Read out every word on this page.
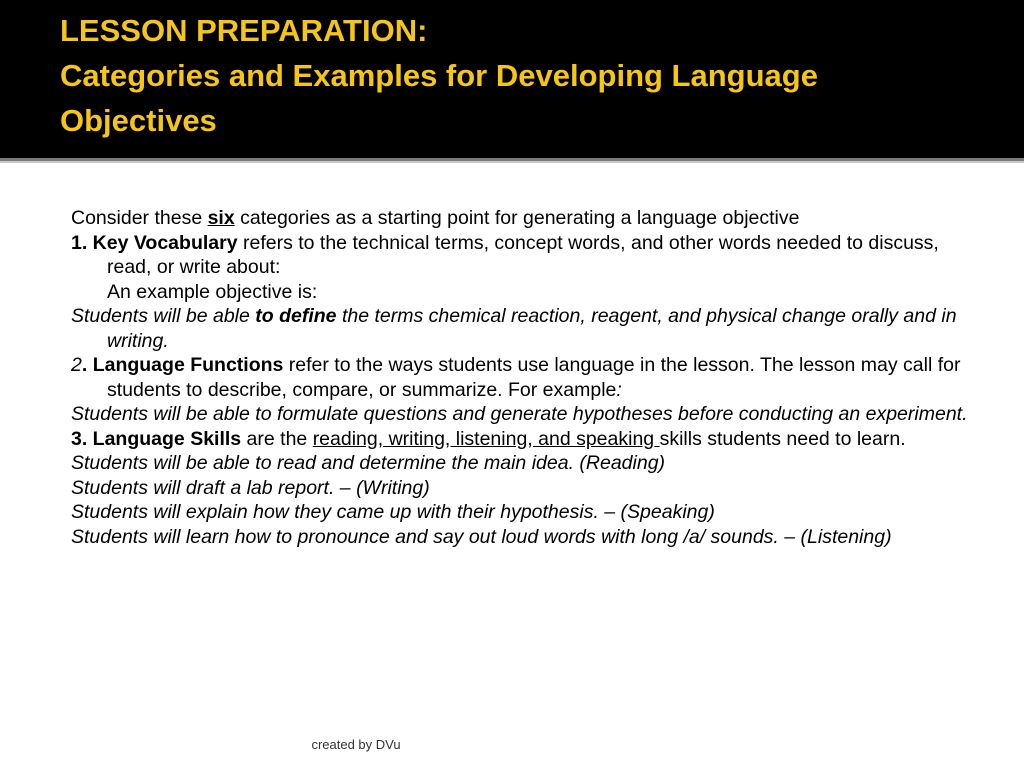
LESSON PREPARATION:
Categories and Examples for Developing Language
Objectives

Consider these six categories as a starting point for generating a language objective

1. Key Vocabulary refers to the technical terms, concept words, and other words needed to discuss, read, or write about:

An example objective is:

Students will be able to define the terms chemical reaction, reagent, and physical change orally and in writing.

2. Language Functions refer to the ways students use language in the lesson. The lesson may call for students to describe, compare, or summarize. For example:

Students will be able to formulate questions and generate hypotheses before conducting an experiment.

3. Language Skills are the reading, writing, listening, and speaking skills students need to learn.

Students will be able to read and determine the main idea. (Reading)

Students will draft a lab report. – (Writing)

Students will explain how they came up with their hypothesis. – (Speaking)

Students will learn how to pronounce and say out loud words with long /a/ sounds. – (Listening)

created by DVu
